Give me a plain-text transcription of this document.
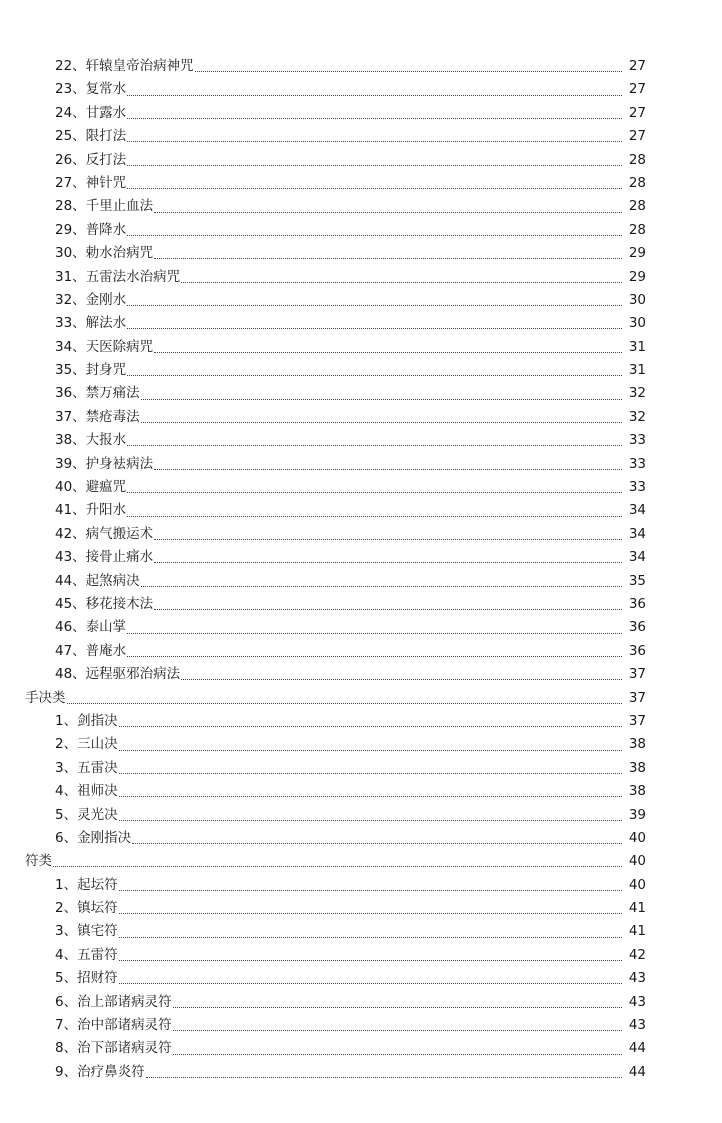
22、轩辕皇帝治病神咒	27
23、复常水	27
24、甘露水	27
25、限打法	27
26、反打法	28
27、神针咒	28
28、千里止血法	28
29、普降水	28
30、勅水治病咒	29
31、五雷法水治病咒	29
32、金刚水	30
33、解法水	30
34、天医除病咒	31
35、封身咒	31
36、禁万痛法	32
37、禁疮毒法	32
38、大报水	33
39、护身袪病法	33
40、避瘟咒	33
41、升阳水	34
42、病气搬运术	34
43、接骨止痛水	34
44、起煞病决	35
45、移花接木法	36
46、泰山掌	36
47、普庵水	36
48、远程驱邪治病法	37
手决类	37
1、剑指决	37
2、三山决	38
3、五雷决	38
4、祖师决	38
5、灵光决	39
6、金刚指决	40
符类	40
1、起坛符	40
2、镇坛符	41
3、镇宅符	41
4、五雷符	42
5、招财符	43
6、治上部诸病灵符	43
7、治中部诸病灵符	43
8、治下部诸病灵符	44
9、治疗鼻炎符	44
